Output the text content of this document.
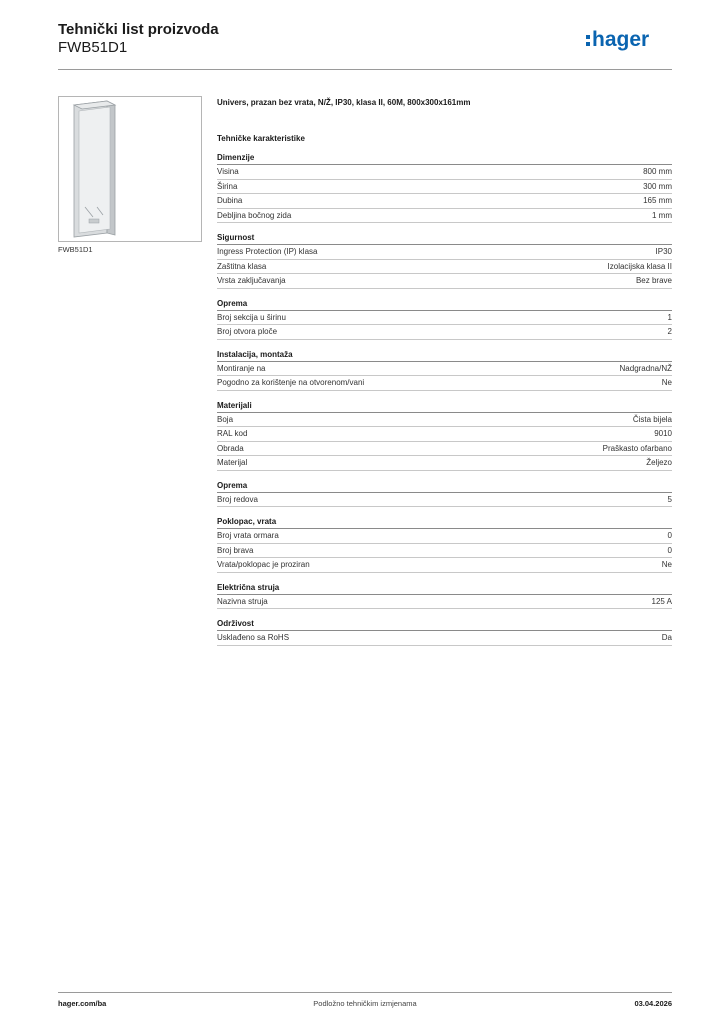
Tehnički list proizvoda
FWB51D1	hager
FWB51D1
Univers, prazan bez vrata, N/Ž, IP30, klasa II, 60M, 800x300x161mm
Tehničke karakteristike
Dimenzije
Visina	800 mm
Širina	300 mm
Dubina	165 mm
Debljina bočnog zida	1 mm
Sigurnost
Ingress Protection (IP) klasa	IP30
Zaštitna klasa	Izolacijska klasa II
Vrsta zaključavanja	Bez brave
Oprema
Broj sekcija u širinu	1
Broj otvora ploče	2
Instalacija, montaža
Montiranje na	Nadgradna/NŽ
Pogodno za korištenje na otvorenom/vani	Ne
Materijali
Boja	Čista bijela
RAL kod	9010
Obrada	Praškasto ofarbano
Materijal	Željezo
Oprema
Broj redova	5
Poklopac, vrata
Broj vrata ormara	0
Broj brava	0
Vrata/poklopac je proziran	Ne
Električna struja
Nazivna struja	125 A
Održivost
Usklađeno sa RoHS	Da
hager.com/ba	Podložno tehničkim izmjenama	03.04.2026
